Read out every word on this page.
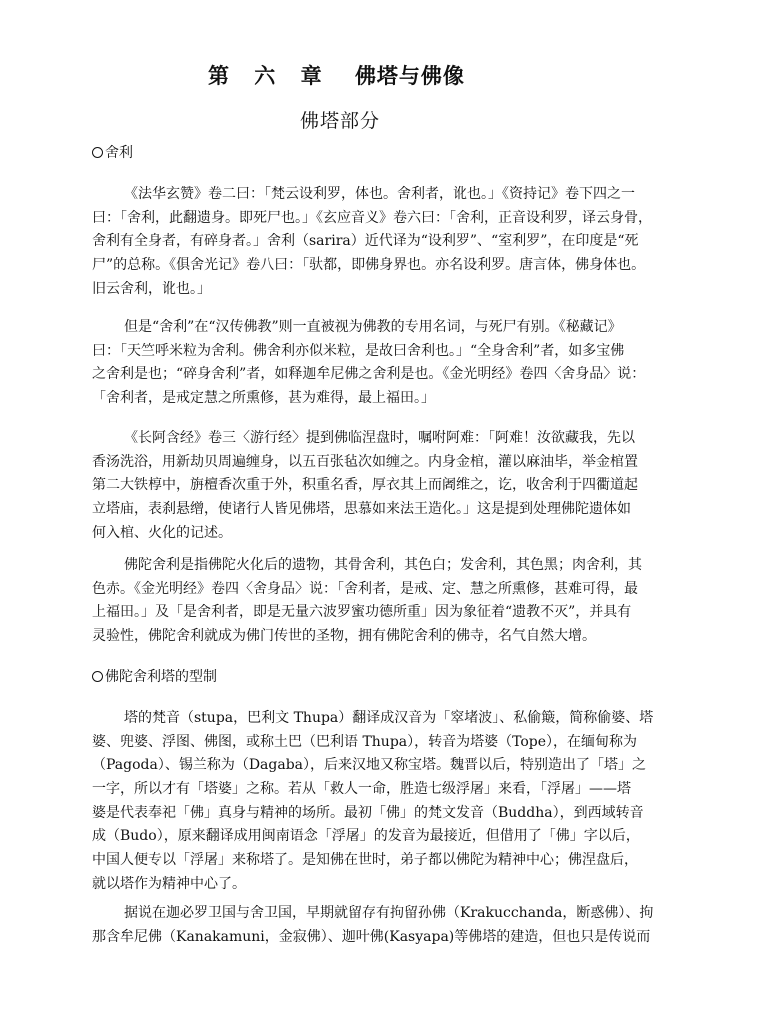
第 六 章 佛塔与佛像
佛塔部分
舍利
《法华玄赞》卷二曰：「梵云设利罗，体也。舍利者，讹也。」《资持记》卷下四之一
曰：「舍利，此翻遗身。即死尸也。」《玄应音义》卷六曰：「舍利，正音设利罗，译云身骨，
舍利有全身者，有碎身者。」舍利（sarira）近代译为“设利罗”、“室利罗”，在印度是“死
尸”的总称。《俱舍光记》卷八曰：「驮都，即佛身界也。亦名设利罗。唐言体，佛身体也。
旧云舍利，讹也。」
但是“舍利”在“汉传佛教”则一直被视为佛教的专用名词，与死尸有别。《秘藏记》
曰：「天竺呼米粒为舍利。佛舍利亦似米粒，是故曰舍利也。」“全身舍利”者，如多宝佛
之舍利是也；“碎身舍利”者，如释迦牟尼佛之舍利是也。《金光明经》卷四〈舍身品〉说：
「舍利者，是戒定慧之所熏修，甚为难得，最上福田。」
《长阿含经》卷三〈游行经〉提到佛临涅盘时，嘱咐阿难：「阿难！汝欲藏我，先以
香汤洗浴，用新劫贝周遍缠身，以五百张毡次如缠之。内身金棺，灌以麻油毕，举金棺置
第二大铁椁中，旃檀香次重于外，积重名香，厚衣其上而阇维之，讫，收舍利于四衢道起
立塔庙，表刹悬缯，使诸行人皆见佛塔，思慕如来法王造化。」这是提到处理佛陀遗体如
何入棺、火化的记述。
佛陀舍利是指佛陀火化后的遗物，其骨舍利，其色白；发舍利，其色黑；肉舍利，其
色赤。《金光明经》卷四〈舍身品〉说：「舍利者，是戒、定、慧之所熏修，甚难可得，最
上福田。」及「是舍利者，即是无量六波罗蜜功德所重」因为象征着“遗教不灭”，并具有
灵验性，佛陀舍利就成为佛门传世的圣物，拥有佛陀舍利的佛寺，名气自然大增。
佛陀舍利塔的型制
塔的梵音（stupa，巴利文 Thupa）翻译成汉音为「窣堵波」、私偷簸，简称偷婆、塔
婆、兜婆、浮图、佛图，或称土巴（巴利语 Thupa），转音为塔婆（Tope），在缅甸称为
（Pagoda）、锡兰称为（Dagaba），后来汉地又称宝塔。魏晋以后，特别造出了「塔」之
一字，所以才有「塔婆」之称。若从「救人一命，胜造七级浮屠」来看，「浮屠」——塔
婆是代表奉祀「佛」真身与精神的场所。最初「佛」的梵文发音（Buddha），到西域转音
成（Budo），原来翻译成用闽南语念「浮屠」的发音为最接近，但借用了「佛」字以后，
中国人便专以「浮屠」来称塔了。是知佛在世时，弟子都以佛陀为精神中心；佛涅盘后，
就以塔作为精神中心了。
据说在迦必罗卫国与舍卫国，早期就留存有拘留孙佛（Krakucchanda，断惑佛）、拘
那含牟尼佛（Kanakamuni，金寂佛）、迦叶佛(Kasyapa)等佛塔的建造，但也只是传说而
